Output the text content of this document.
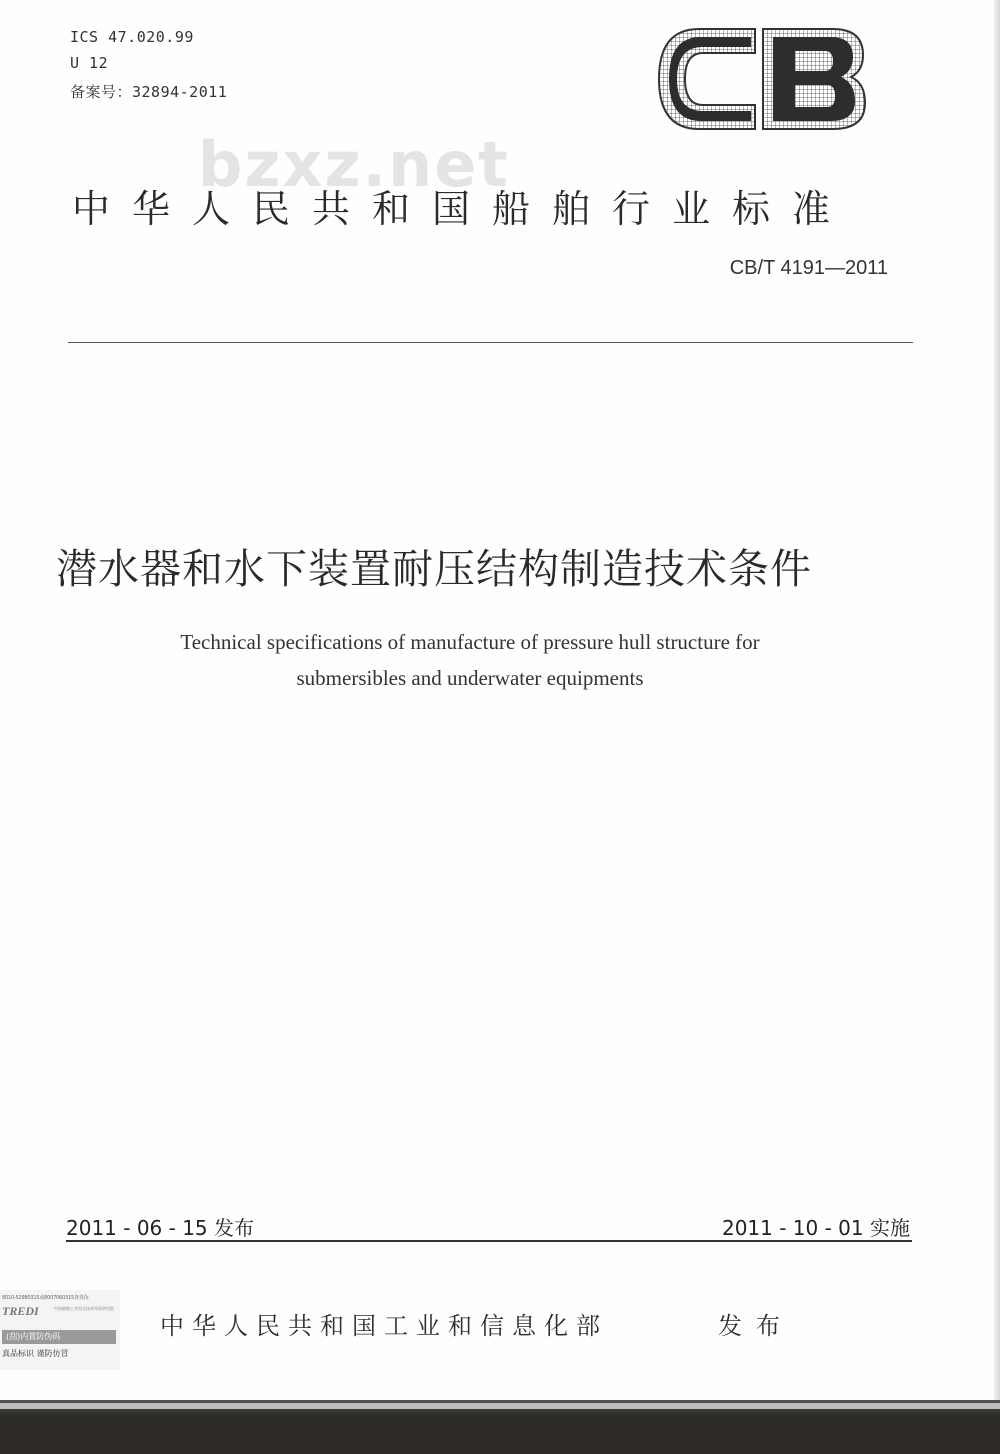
ICS 47.020.99
U 12
备案号：32894-2011
bzxz.net
中华人民共和国船舶行业标准
CB/T 4191—2011
潜水器和水下装置耐压结构制造技术条件
Technical specifications of manufacture of pressure hull structure for
submersibles and underwater equipments
2011 - 06 - 15 发布	2011 - 10 - 01 实施
8010-52980315或8007060315查真伪
TREDI	中国船舶工业综合技术经济研究院
(刮)内置防伪码
真品标识 谨防仿冒
中华人民共和国工业和信息化部	发布
